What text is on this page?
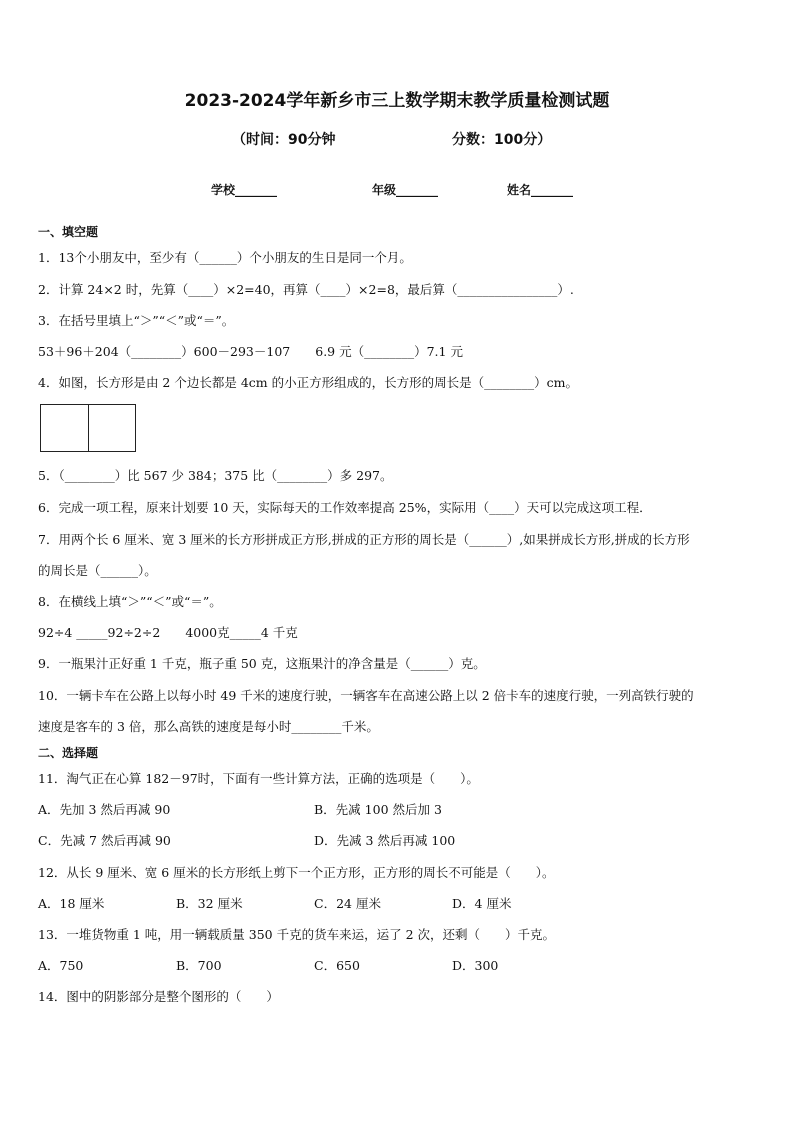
2023-2024学年新乡市三上数学期末教学质量检测试题
（时间：90分钟	分数：100分）
学校_______	年级_______	姓名_______
一、填空题
1．13个小朋友中，至少有（______）个小朋友的生日是同一个月。
2．计算 24×2 时，先算（____）×2=40，再算（____）×2=8，最后算（________________）.
3．在括号里填上“＞”“＜”或“＝”。
53＋96＋204（________）600－293－107　　6.9 元（________）7.1 元
4．如图，长方形是由 2 个边长都是 4cm 的小正方形组成的，长方形的周长是（________）cm。
5．（________）比 567 少 384；375 比（________）多 297。
6．完成一项工程，原来计划要 10 天，实际每天的工作效率提高 25%，实际用（____）天可以完成这项工程．
7．用两个长 6 厘米、宽 3 厘米的长方形拼成正方形,拼成的正方形的周长是（______）,如果拼成长方形,拼成的长方形
的周长是（______）。
8．在横线上填“＞”“＜”或“＝”。
92÷4 _____92÷2÷2　　4000克_____4 千克
9．一瓶果汁正好重 1 千克，瓶子重 50 克，这瓶果汁的净含量是（______）克。
10．一辆卡车在公路上以每小时 49 千米的速度行驶，一辆客车在高速公路上以 2 倍卡车的速度行驶，一列高铁行驶的
速度是客车的 3 倍，那么高铁的速度是每小时________千米。
二、选择题
11．淘气正在心算 182－97时，下面有一些计算方法，正确的选项是（　　）。
A．先加 3 然后再减 90	B．先减 100 然后加 3
C．先减 7 然后再减 90	D．先减 3 然后再减 100
12．从长 9 厘米、宽 6 厘米的长方形纸上剪下一个正方形，正方形的周长不可能是（　　）。
A．18 厘米	B．32 厘米	C．24 厘米	D．4 厘米
13．一堆货物重 1 吨，用一辆载质量 350 千克的货车来运，运了 2 次，还剩（　　）千克。
A．750	B．700	C．650	D．300
14．图中的阴影部分是整个图形的（　　）
